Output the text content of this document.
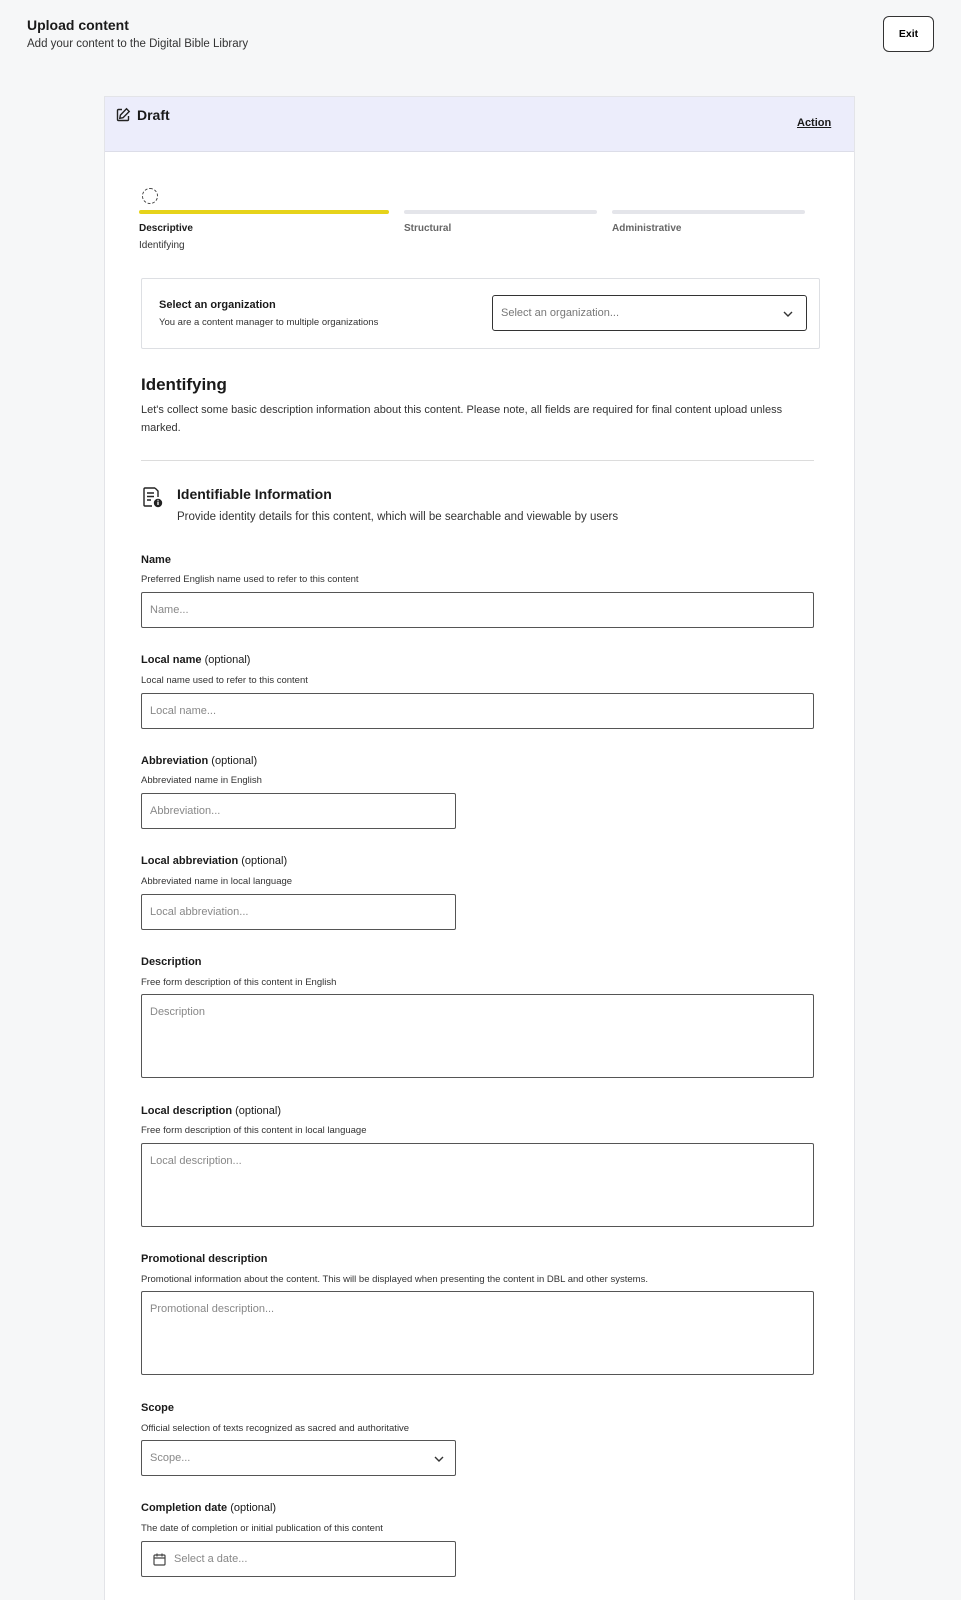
Upload content
Add your content to the Digital Bible Library
Exit
Draft	Action
Descriptive
Identifying
Structural	Administrative
Select an organization
You are a content manager to multiple organizations
Select an organization...
Identifying
Let's collect some basic description information about this content. Please note, all fields are required for final content upload unless marked.
Identifiable Information
Provide identity details for this content, which will be searchable and viewable by users
Name
Preferred English name used to refer to this content
Name...
Local name (optional)
Local name used to refer to this content
Local name...
Abbreviation (optional)
Abbreviated name in English
Abbreviation...
Local abbreviation (optional)
Abbreviated name in local language
Local abbreviation...
Description
Free form description of this content in English
Description
Local description (optional)
Free form description of this content in local language
Local description...
Promotional description
Promotional information about the content. This will be displayed when presenting the content in DBL and other systems.
Promotional description...
Scope
Official selection of texts recognized as sacred and authoritative
Scope...
Completion date (optional)
The date of completion or initial publication of this content
Select a date...
